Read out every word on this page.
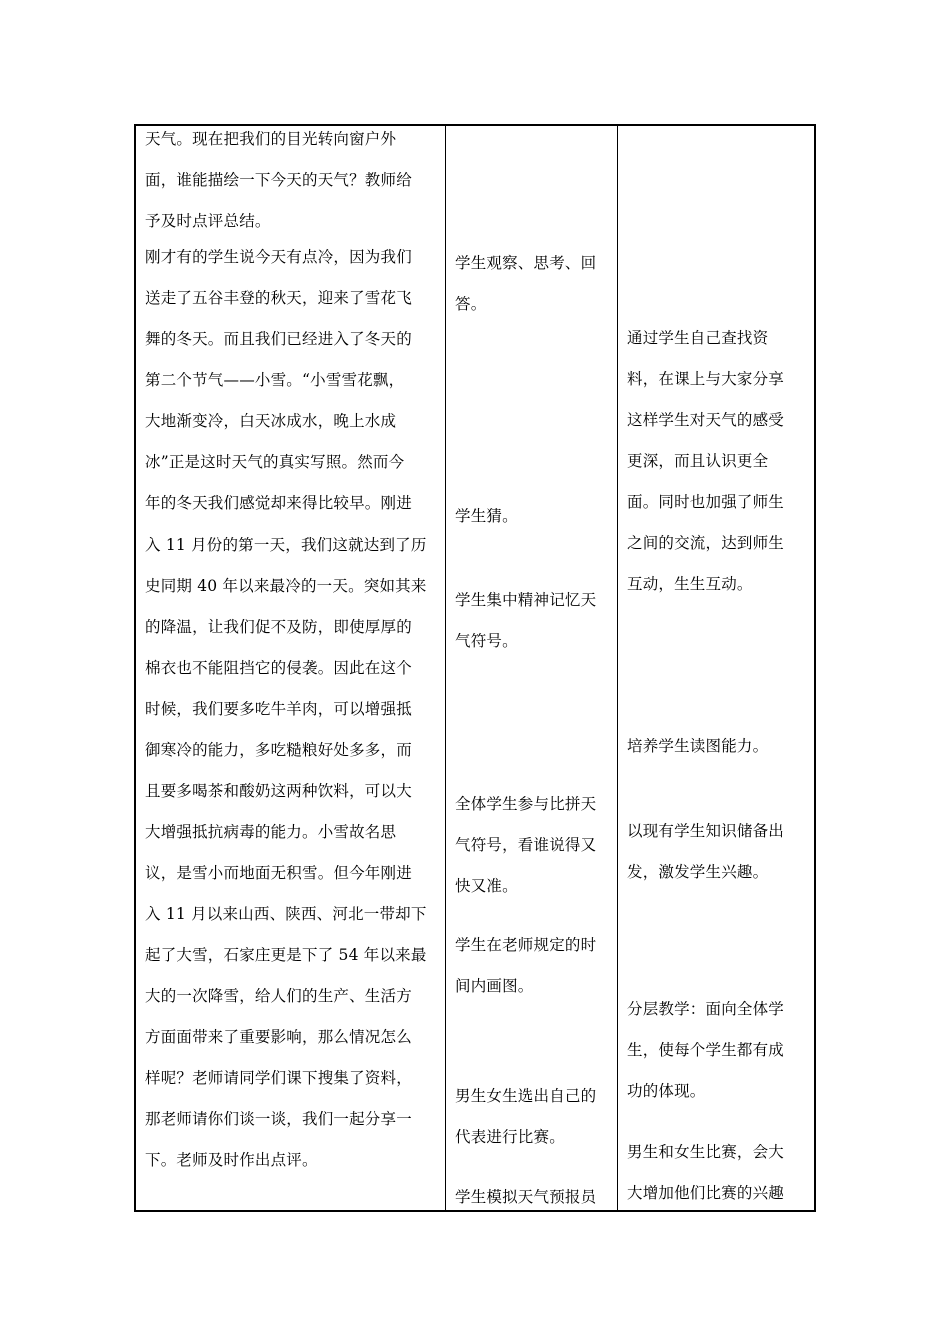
天气。现在把我们的目光转向窗户外
面，谁能描绘一下今天的天气？教师给
予及时点评总结。
刚才有的学生说今天有点冷，因为我们
送走了五谷丰登的秋天，迎来了雪花飞
舞的冬天。而且我们已经进入了冬天的
第二个节气——小雪。“小雪雪花飘，
大地渐变冷，白天冰成水，晚上水成
冰”正是这时天气的真实写照。然而今
年的冬天我们感觉却来得比较早。刚进
入 11 月份的第一天，我们这就达到了历
史同期 40 年以来最冷的一天。突如其来
的降温，让我们促不及防，即使厚厚的
棉衣也不能阻挡它的侵袭。因此在这个
时候，我们要多吃牛羊肉，可以增强抵
御寒冷的能力，多吃糙粮好处多多，而
且要多喝茶和酸奶这两种饮料，可以大
大增强抵抗病毒的能力。小雪故名思
议，是雪小而地面无积雪。但今年刚进
入 11 月以来山西、陕西、河北一带却下
起了大雪，石家庄更是下了 54 年以来最
大的一次降雪，给人们的生产、生活方
方面面带来了重要影响，那么情况怎么
样呢？老师请同学们课下搜集了资料，
那老师请你们谈一谈，我们一起分享一
下。老师及时作出点评。
学生观察、思考、回
答。
学生猜。
学生集中精神记忆天
气符号。
全体学生参与比拼天
气符号，看谁说得又
快又准。
学生在老师规定的时
间内画图。
男生女生选出自己的
代表进行比赛。
学生模拟天气预报员
通过学生自己查找资
料，在课上与大家分享
这样学生对天气的感受
更深，而且认识更全
面。同时也加强了师生
之间的交流，达到师生
互动，生生互动。
培养学生读图能力。
以现有学生知识储备出
发，激发学生兴趣。
分层教学：面向全体学
生，使每个学生都有成
功的体现。
男生和女生比赛，会大
大增加他们比赛的兴趣
